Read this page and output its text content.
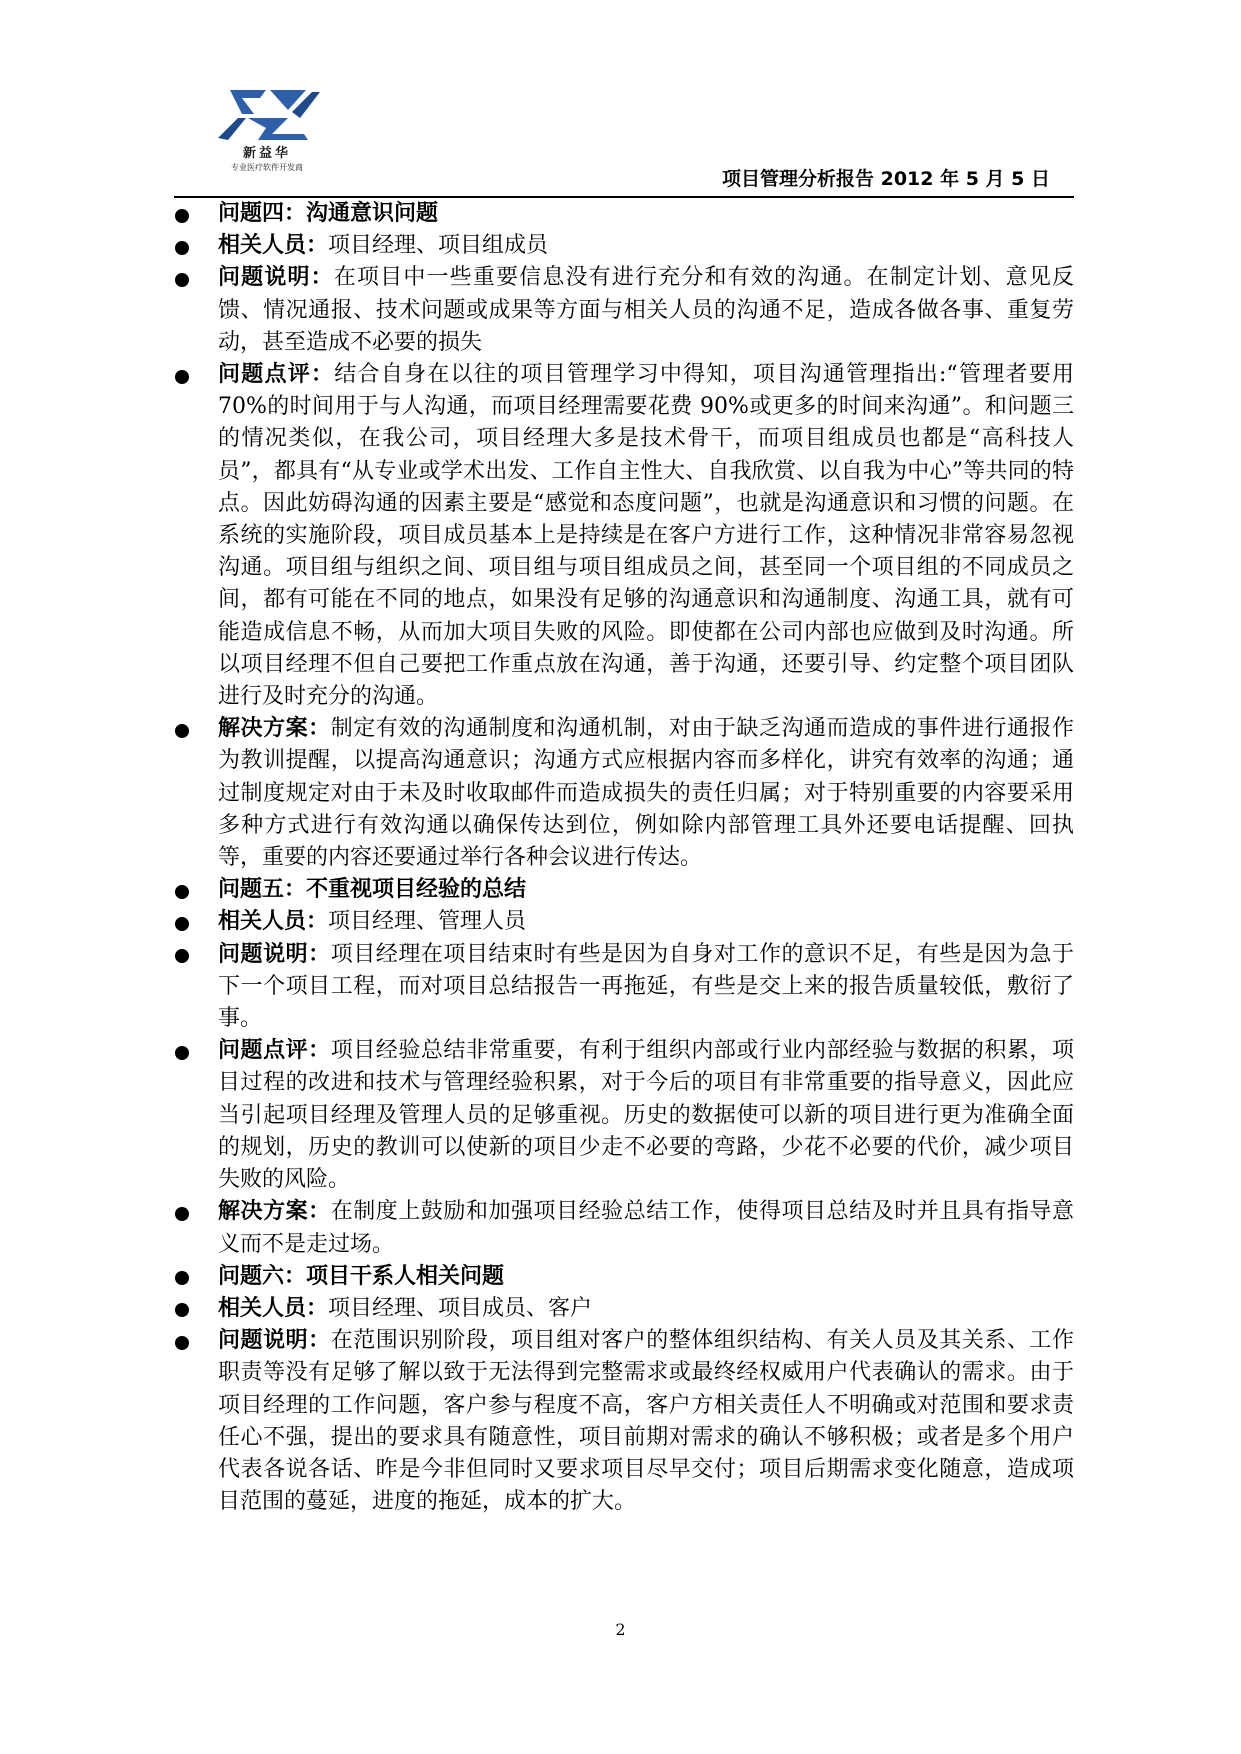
新益华
专业医疗软件开发商
项目管理分析报告 2012 年 5 月 5 日
问题四：沟通意识问题
相关人员：项目经理、项目组成员
问题说明：在项目中一些重要信息没有进行充分和有效的沟通。在制定计划、意见反馈、情况通报、技术问题或成果等方面与相关人员的沟通不足，造成各做各事、重复劳动，甚至造成不必要的损失
问题点评：结合自身在以往的项目管理学习中得知，项目沟通管理指出:“管理者要用 70%的时间用于与人沟通，而项目经理需要花费 90%或更多的时间来沟通”。和问题三的情况类似，在我公司，项目经理大多是技术骨干，而项目组成员也都是“高科技人员”，都具有“从专业或学术出发、工作自主性大、自我欣赏、以自我为中心”等共同的特点。因此妨碍沟通的因素主要是“感觉和态度问题”，也就是沟通意识和习惯的问题。在系统的实施阶段，项目成员基本上是持续是在客户方进行工作，这种情况非常容易忽视沟通。项目组与组织之间、项目组与项目组成员之间，甚至同一个项目组的不同成员之间，都有可能在不同的地点，如果没有足够的沟通意识和沟通制度、沟通工具，就有可能造成信息不畅，从而加大项目失败的风险。即使都在公司内部也应做到及时沟通。所以项目经理不但自己要把工作重点放在沟通，善于沟通，还要引导、约定整个项目团队进行及时充分的沟通。
解决方案：制定有效的沟通制度和沟通机制，对由于缺乏沟通而造成的事件进行通报作为教训提醒，以提高沟通意识；沟通方式应根据内容而多样化，讲究有效率的沟通；通过制度规定对由于未及时收取邮件而造成损失的责任归属；对于特别重要的内容要采用多种方式进行有效沟通以确保传达到位，例如除内部管理工具外还要电话提醒、回执等，重要的内容还要通过举行各种会议进行传达。
问题五：不重视项目经验的总结
相关人员：项目经理、管理人员
问题说明：项目经理在项目结束时有些是因为自身对工作的意识不足，有些是因为急于下一个项目工程，而对项目总结报告一再拖延，有些是交上来的报告质量较低，敷衍了事。
问题点评：项目经验总结非常重要，有利于组织内部或行业内部经验与数据的积累，项目过程的改进和技术与管理经验积累，对于今后的项目有非常重要的指导意义，因此应当引起项目经理及管理人员的足够重视。历史的数据使可以新的项目进行更为准确全面的规划，历史的教训可以使新的项目少走不必要的弯路，少花不必要的代价，减少项目失败的风险。
解决方案：在制度上鼓励和加强项目经验总结工作，使得项目总结及时并且具有指导意义而不是走过场。
问题六：项目干系人相关问题
相关人员：项目经理、项目成员、客户
问题说明：在范围识别阶段，项目组对客户的整体组织结构、有关人员及其关系、工作职责等没有足够了解以致于无法得到完整需求或最终经权威用户代表确认的需求。由于项目经理的工作问题，客户参与程度不高，客户方相关责任人不明确或对范围和要求责任心不强，提出的要求具有随意性，项目前期对需求的确认不够积极；或者是多个用户代表各说各话、昨是今非但同时又要求项目尽早交付；项目后期需求变化随意，造成项目范围的蔓延，进度的拖延，成本的扩大。
2
